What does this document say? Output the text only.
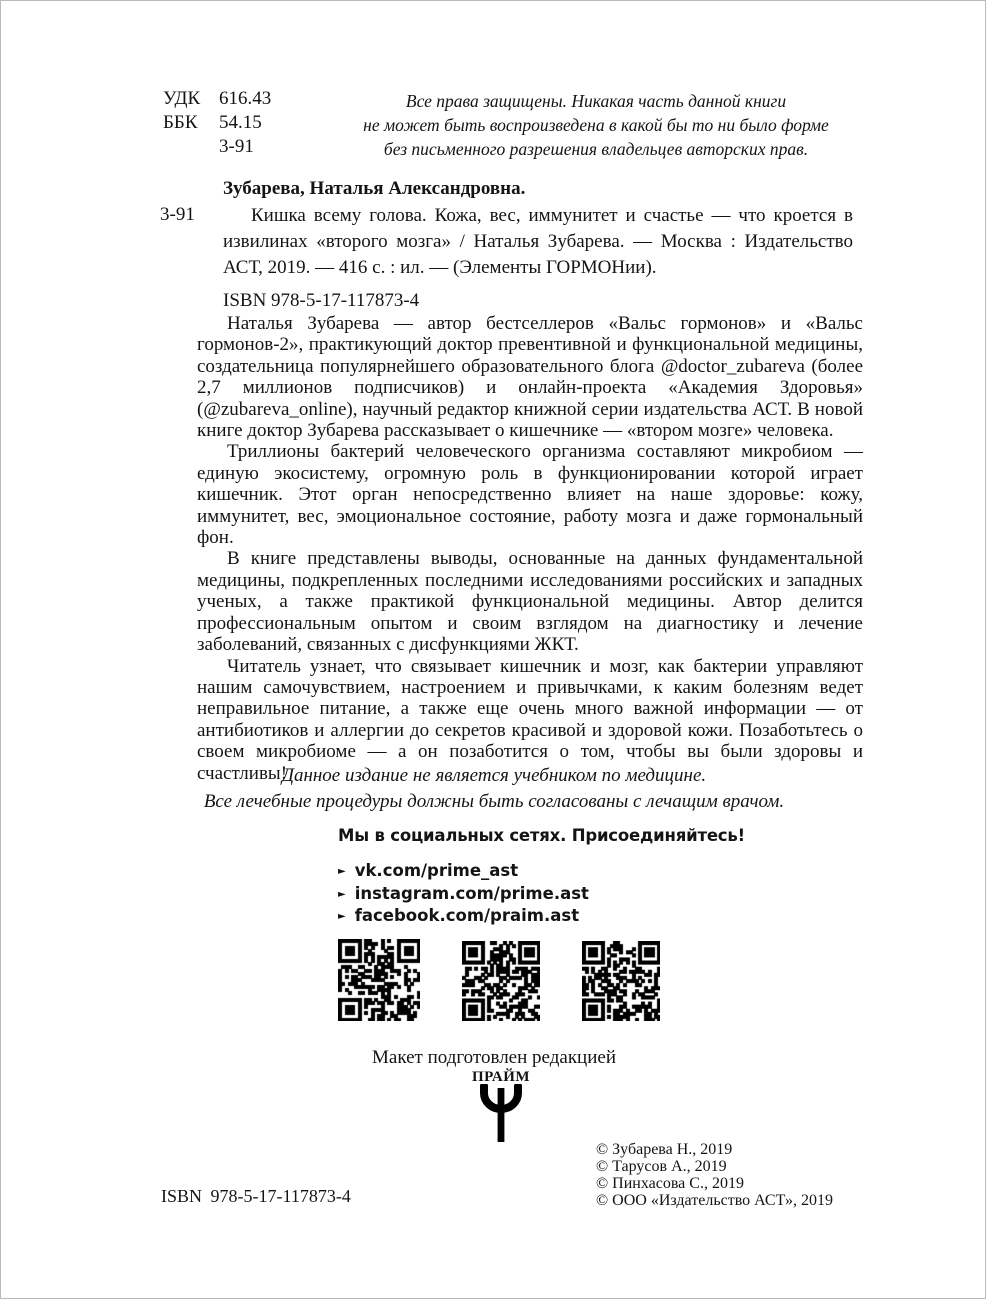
УДК 616.43
ББК	54.15
3-91
Все права защищены. Никакая часть данной книги
не может быть воспроизведена в какой бы то ни было форме
без письменного разрешения владельцев авторских прав.
3-91
Зубарева, Наталья Александровна.

Кишка всему голова. Кожа, вес, иммунитет и счастье — что кроется в извилинах «второго мозга» / Наталья Зубарева. — Москва : Издательство АСТ, 2019. — 416 с. : ил. — (Элементы ГОРМОНии).

ISBN 978-5-17-117873-4

Наталья Зубарева — автор бестселлеров «Вальс гормонов» и «Вальс гормонов-2», практикующий доктор превентивной и функциональной медицины, создательница популярнейшего образовательного блога @doctor_zubareva (более 2,7 миллионов подписчиков) и онлайн-проекта «Академия Здоровья» (@zubareva_online), научный редактор книжной серии издательства АСТ. В новой книге доктор Зубарева рассказывает о кишечнике — «втором мозге» человека.

Триллионы бактерий человеческого организма составляют микробиом — единую экосистему, огромную роль в функционировании которой играет кишечник. Этот орган непосредственно влияет на наше здоровье: кожу, иммунитет, вес, эмоциональное состояние, работу мозга и даже гормональный фон.

В книге представлены выводы, основанные на данных фундаментальной медицины, подкрепленных последними исследованиями российских и западных ученых, а также практикой функциональной медицины. Автор делится профессиональным опытом и своим взглядом на диагностику и лечение заболеваний, связанных с дисфункциями ЖКТ.

Читатель узнает, что связывает кишечник и мозг, как бактерии управляют нашим самочувствием, настроением и привычками, к каким болезням ведет неправильное питание, а также еще очень много важной информации — от антибиотиков и аллергии до секретов красивой и здоровой кожи. Позаботьтесь о своем микробиоме — а он позаботится о том, чтобы вы были здоровы и счастливы!

Данное издание не является учебником по медицине.
Все лечебные процедуры должны быть согласованы с лечащим врачом.
Мы в социальных сетях. Присоединяйтесь!
► vk.com/prime_ast
► instagram.com/prime.ast
► facebook.com/praim.ast
Макет подготовлен редакцией
ПРАЙМ
© Зубарева Н., 2019
© Тарусов А., 2019
© Пинхасова С., 2019
© ООО «Издательство АСТ», 2019
ISBN 978-5-17-117873-4
